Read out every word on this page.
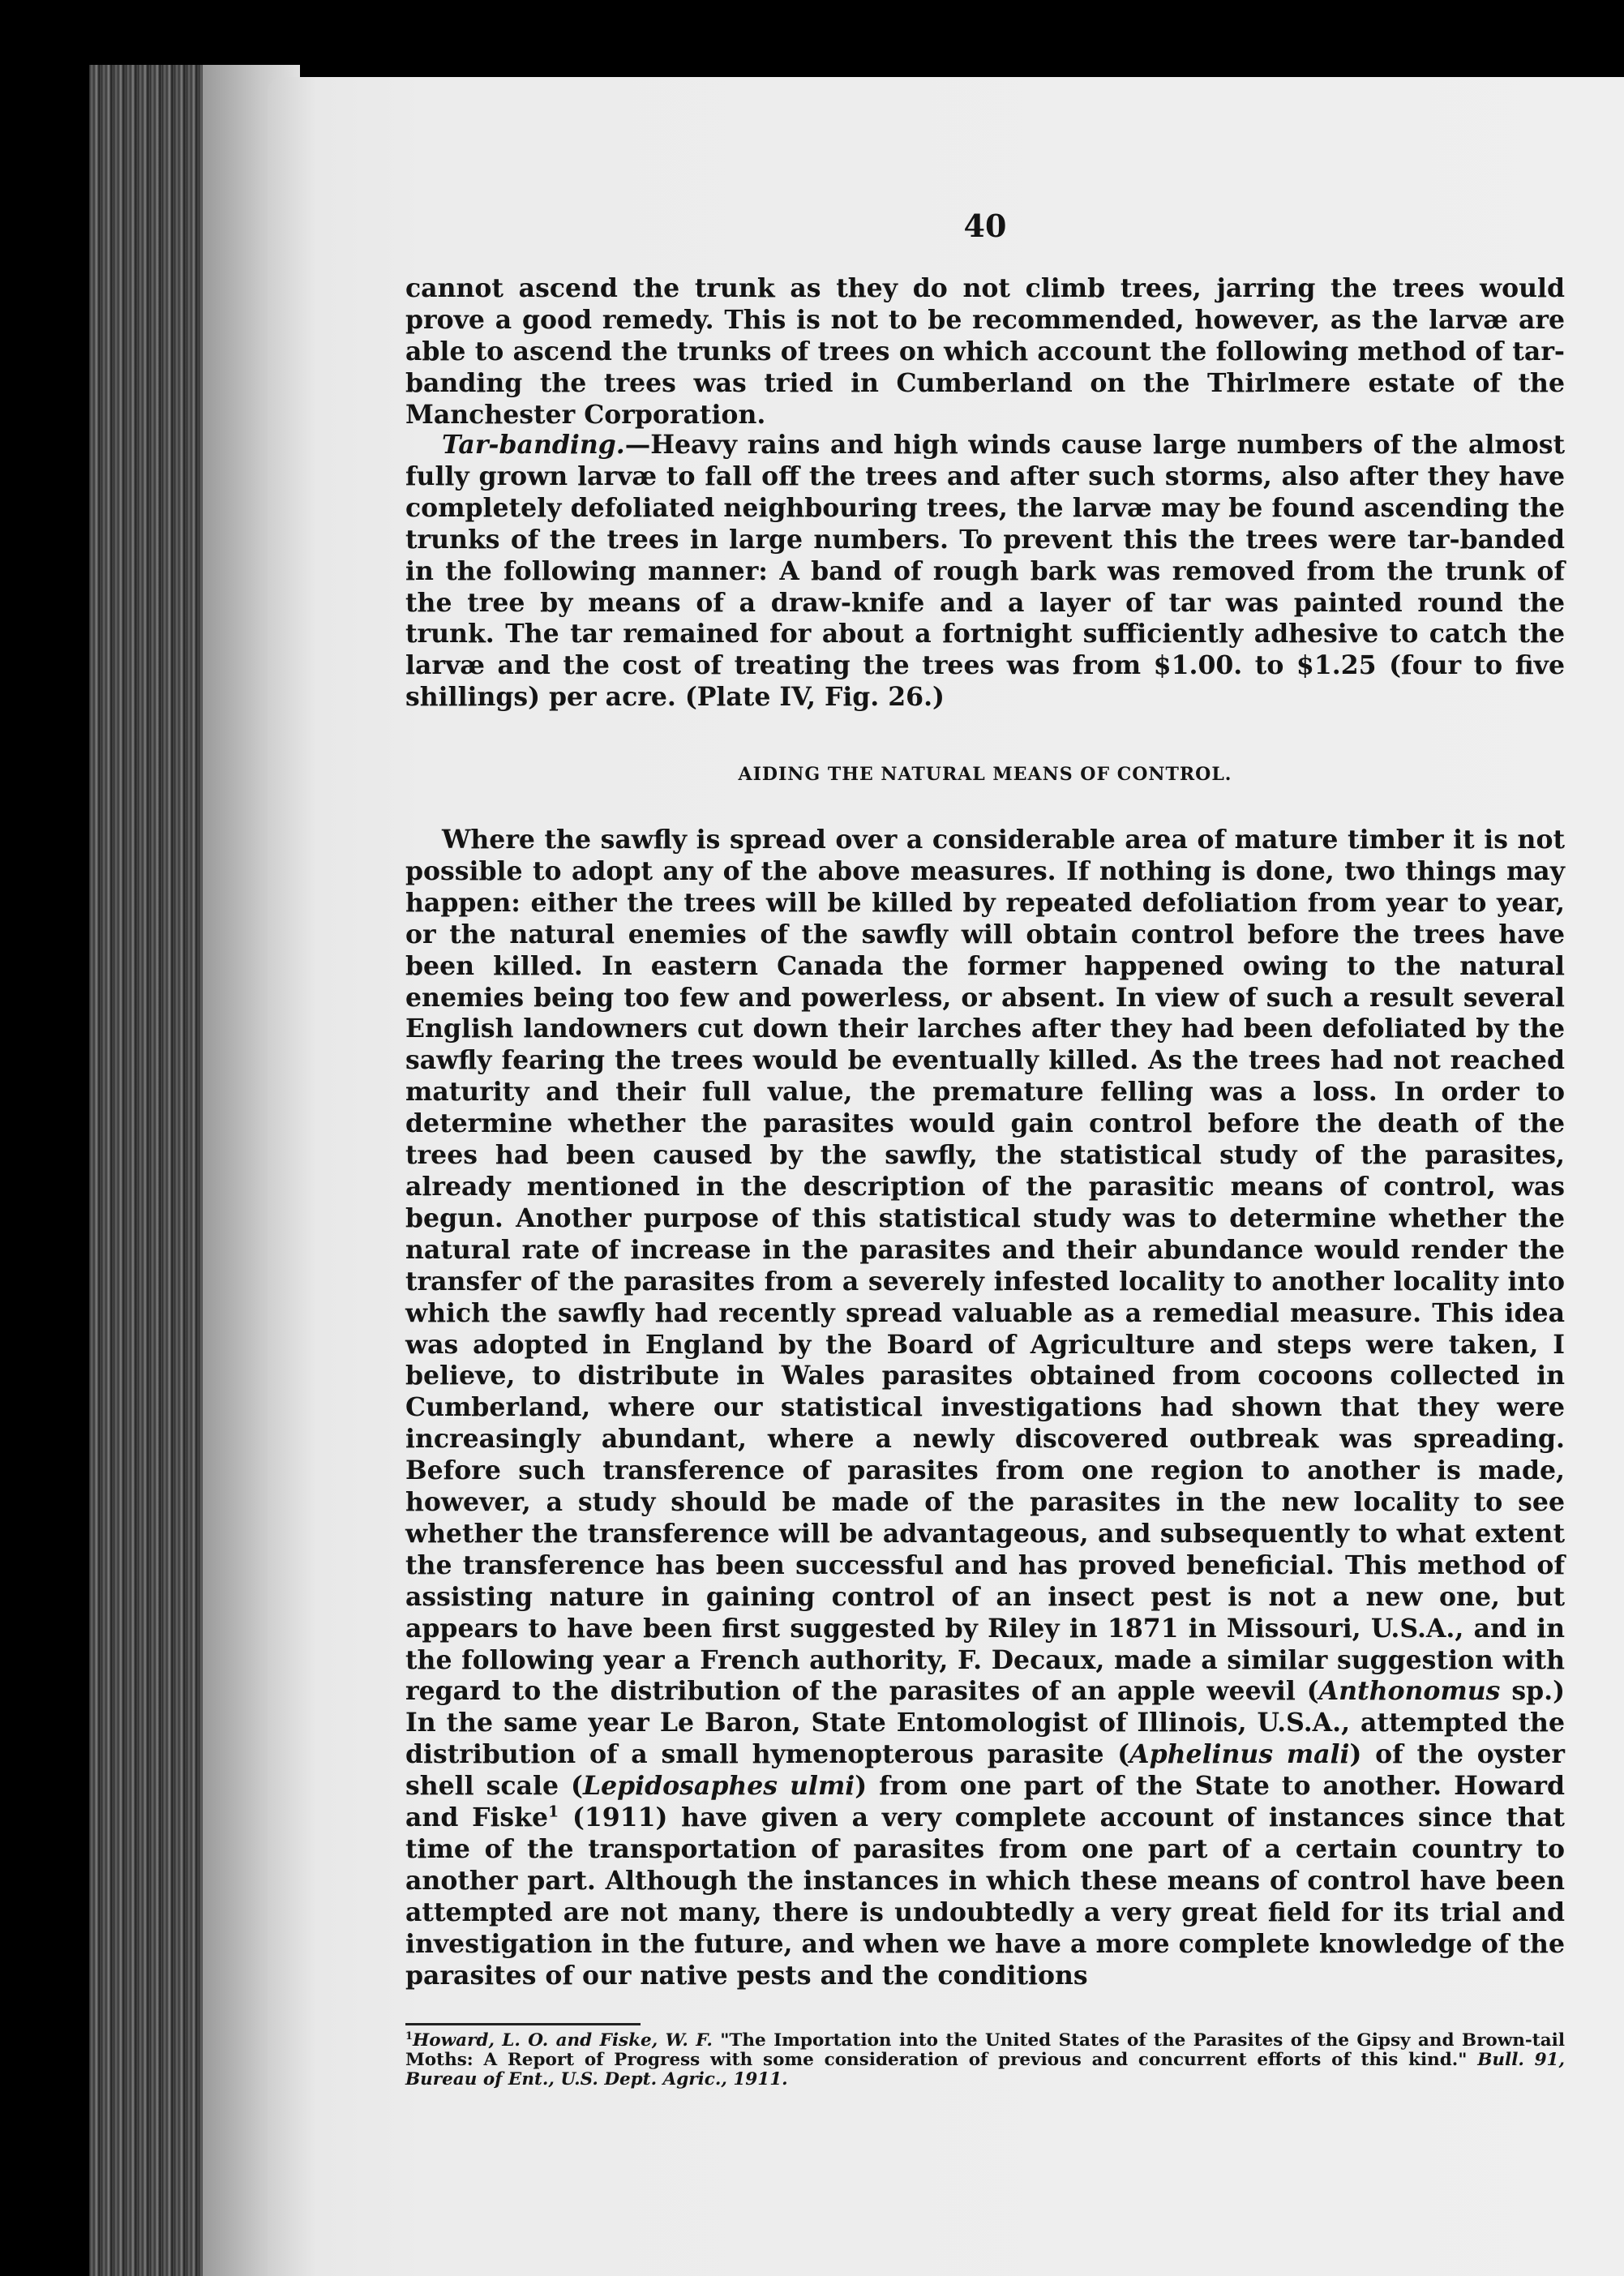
40
cannot ascend the trunk as they do not climb trees, jarring the trees would prove a good remedy. This is not to be recommended, however, as the larvæ are able to ascend the trunks of trees on which account the following method of tar-banding the trees was tried in Cumberland on the Thirlmere estate of the Manchester Corporation.
Tar-banding.—Heavy rains and high winds cause large numbers of the almost fully grown larvæ to fall off the trees and after such storms, also after they have completely defoliated neighbouring trees, the larvæ may be found ascending the trunks of the trees in large numbers. To prevent this the trees were tar-banded in the following manner: A band of rough bark was removed from the trunk of the tree by means of a draw-knife and a layer of tar was painted round the trunk. The tar remained for about a fortnight sufficiently adhesive to catch the larvæ and the cost of treating the trees was from $1.00. to $1.25 (four to five shillings) per acre. (Plate IV, Fig. 26.)
AIDING THE NATURAL MEANS OF CONTROL.
Where the sawfly is spread over a considerable area of mature timber it is not possible to adopt any of the above measures. If nothing is done, two things may happen: either the trees will be killed by repeated defoliation from year to year, or the natural enemies of the sawfly will obtain control before the trees have been killed. In eastern Canada the former happened owing to the natural enemies being too few and powerless, or absent. In view of such a result several English landowners cut down their larches after they had been defoliated by the sawfly fearing the trees would be eventually killed. As the trees had not reached maturity and their full value, the premature felling was a loss. In order to determine whether the parasites would gain control before the death of the trees had been caused by the sawfly, the statistical study of the parasites, already mentioned in the description of the parasitic means of control, was begun. Another purpose of this statistical study was to determine whether the natural rate of increase in the parasites and their abundance would render the transfer of the parasites from a severely infested locality to another locality into which the sawfly had recently spread valuable as a remedial measure. This idea was adopted in England by the Board of Agriculture and steps were taken, I believe, to distribute in Wales parasites obtained from cocoons collected in Cumberland, where our statistical investigations had shown that they were increasingly abundant, where a newly discovered outbreak was spreading. Before such transference of parasites from one region to another is made, however, a study should be made of the parasites in the new locality to see whether the transference will be advantageous, and subsequently to what extent the transference has been successful and has proved beneficial. This method of assisting nature in gaining control of an insect pest is not a new one, but appears to have been first suggested by Riley in 1871 in Missouri, U.S.A., and in the following year a French authority, F. Decaux, made a similar suggestion with regard to the distribution of the parasites of an apple weevil (Anthonomus sp.) In the same year Le Baron, State Entomologist of Illinois, U.S.A., attempted the distribution of a small hymenopterous parasite (Aphelinus mali) of the oyster shell scale (Lepidosaphes ulmi) from one part of the State to another. Howard and Fiske$^1$ (1911) have given a very complete account of instances since that time of the transportation of parasites from one part of a certain country to another part. Although the instances in which these means of control have been attempted are not many, there is undoubtedly a very great field for its trial and investigation in the future, and when we have a more complete knowledge of the parasites of our native pests and the conditions
$^1$Howard, L. O. and Fiske, W. F. "The Importation into the United States of the Parasites of the Gipsy and Brown-tail Moths: A Report of Progress with some consideration of previous and concurrent efforts of this kind." Bull. 91, Bureau of Ent., U.S. Dept. Agric., 1911.
